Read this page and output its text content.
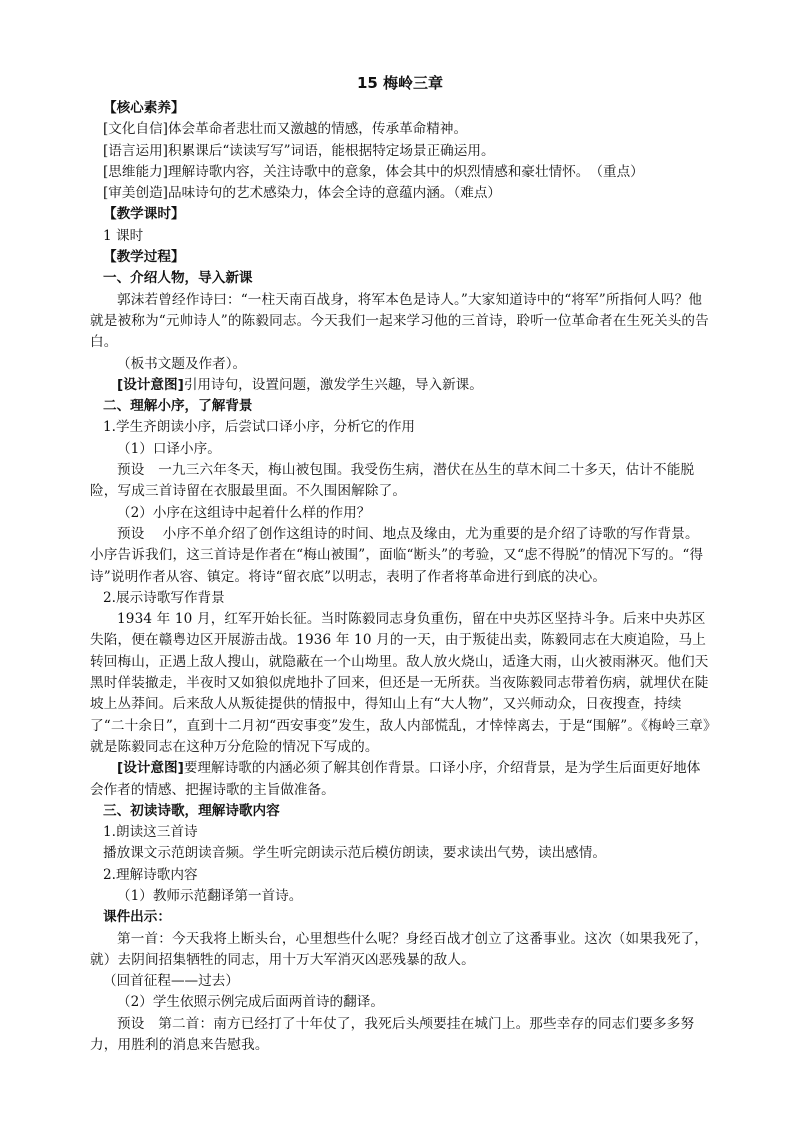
15 梅岭三章

【核心素养】

[文化自信]体会革命者悲壮而又激越的情感，传承革命精神。

[语言运用]积累课后“读读写写”词语，能根据特定场景正确运用。

[思维能力]理解诗歌内容，关注诗歌中的意象，体会其中的炽烈情感和豪壮情怀。　（重点）

[审美创造]品味诗句的艺术感染力，体会全诗的意蕴内涵。（难点）

【教学课时】

1 课时

【教学过程】

一、介绍人物，导入新课

郭沫若曾经作诗曰：“一柱天南百战身，将军本色是诗人。”大家知道诗中的“将军”所指何人吗？他就是被称为“元帅诗人”的陈毅同志。今天我们一起来学习他的三首诗，聆听一位革命者在生死关头的告白。

（板书文题及作者）。

[设计意图]引用诗句，设置问题，激发学生兴趣，导入新课。

二、理解小序，了解背景

1.学生齐朗读小序，后尝试口译小序，分析它的作用

（1）口译小序。

预设　一九三六年冬天，梅山被包围。我受伤生病，潜伏在丛生的草木间二十多天，估计不能脱险，写成三首诗留在衣服最里面。不久围困解除了。

（2）小序在这组诗中起着什么样的作用？

预设　 小序不单介绍了创作这组诗的时间、地点及缘由，尤为重要的是介绍了诗歌的写作背景。小序告诉我们，这三首诗是作者在“梅山被围”，面临“断头”的考验，又“虑不得脱”的情况下写的。“得诗”说明作者从容、镇定。将诗“留衣底”以明志，表明了作者将革命进行到底的决心。

2.展示诗歌写作背景

1934 年 10 月，红军开始长征。当时陈毅同志身负重伤，留在中央苏区坚持斗争。后来中央苏区失陷，便在赣粤边区开展游击战。1936 年 10 月的一天，由于叛徒出卖，陈毅同志在大庾追险，马上转回梅山，正遇上敌人搜山，就隐蔽在一个山坳里。敌人放火烧山，适逢大雨，山火被雨淋灭。他们天黑时佯装撤走，半夜时又如狼似虎地扑了回来，但还是一无所获。当夜陈毅同志带着伤病，就埋伏在陡坡上丛莽间。后来敌人从叛徒提供的情报中，得知山上有“大人物”，又兴师动众，日夜搜查，持续了“二十余日”，直到十二月初“西安事变”发生，敌人内部慌乱，才悻悻离去，于是“围解”。《梅岭三章》就是陈毅同志在这种万分危险的情况下写成的。

[设计意图]要理解诗歌的内涵必须了解其创作背景。口译小序，介绍背景，是为学生后面更好地体会作者的情感、把握诗歌的主旨做准备。

三、初读诗歌，理解诗歌内容

1.朗读这三首诗

播放课文示范朗读音频。学生听完朗读示范后模仿朗读，要求读出气势，读出感情。

2.理解诗歌内容

（1）教师示范翻译第一首诗。

课件出示：

第一首：今天我将上断头台，心里想些什么呢？身经百战才创立了这番事业。这次（如果我死了，就）去阴间招集牺牲的同志，用十万大军消灭凶恶残暴的敌人。

（回首征程——过去）

（2）学生依照示例完成后面两首诗的翻译。

预设　第二首：南方已经打了十年仗了，我死后头颅要挂在城门上。那些幸存的同志们要多多努力，用胜利的消息来告慰我。
